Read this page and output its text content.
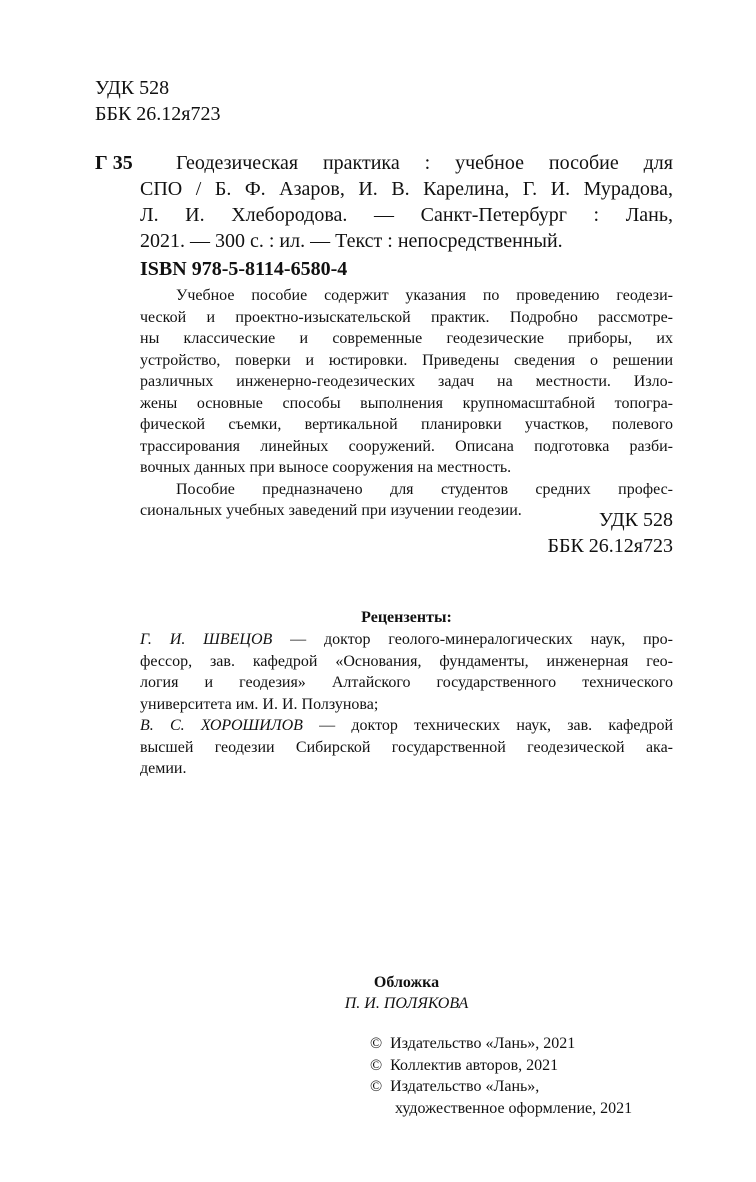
УДК 528
ББК 26.12я723
Г 35 Геодезическая практика : учебное пособие для
СПО / Б. Ф. Азаров, И. В. Карелина, Г. И. Мурадова,
Л. И. Хлебородова. — Санкт-Петербург : Лань,
2021. — 300 с. : ил. — Текст : непосредственный.
ISBN 978-5-8114-6580-4
Учебное пособие содержит указания по проведению геодези-
ческой и проектно-изыскательской практик. Подробно рассмотре-
ны классические и современные геодезические приборы, их
устройство, поверки и юстировки. Приведены сведения о решении
различных инженерно-геодезических задач на местности. Изло-
жены основные способы выполнения крупномасштабной топогра-
фической съемки, вертикальной планировки участков, полевого
трассирования линейных сооружений. Описана подготовка разби-
вочных данных при выносе сооружения на местность.
Пособие предназначено для студентов средних профес-
сиональных учебных заведений при изучении геодезии.	УДК 528
ББК 26.12я723
Рецензенты:
Г. И. ШВЕЦОВ — доктор геолого-минералогических наук, про-
фессор, зав. кафедрой «Основания, фундаменты, инженерная гео-
логия и геодезия» Алтайского государственного технического
университета им. И. И. Ползунова;
В. С. ХОРОШИЛОВ — доктор технических наук, зав. кафедрой
высшей геодезии Сибирской государственной геодезической ака-
демии.
Обложка
П. И. ПОЛЯКОВА
© Издательство «Лань», 2021
© Коллектив авторов, 2021
© Издательство «Лань»,
художественное оформление, 2021
